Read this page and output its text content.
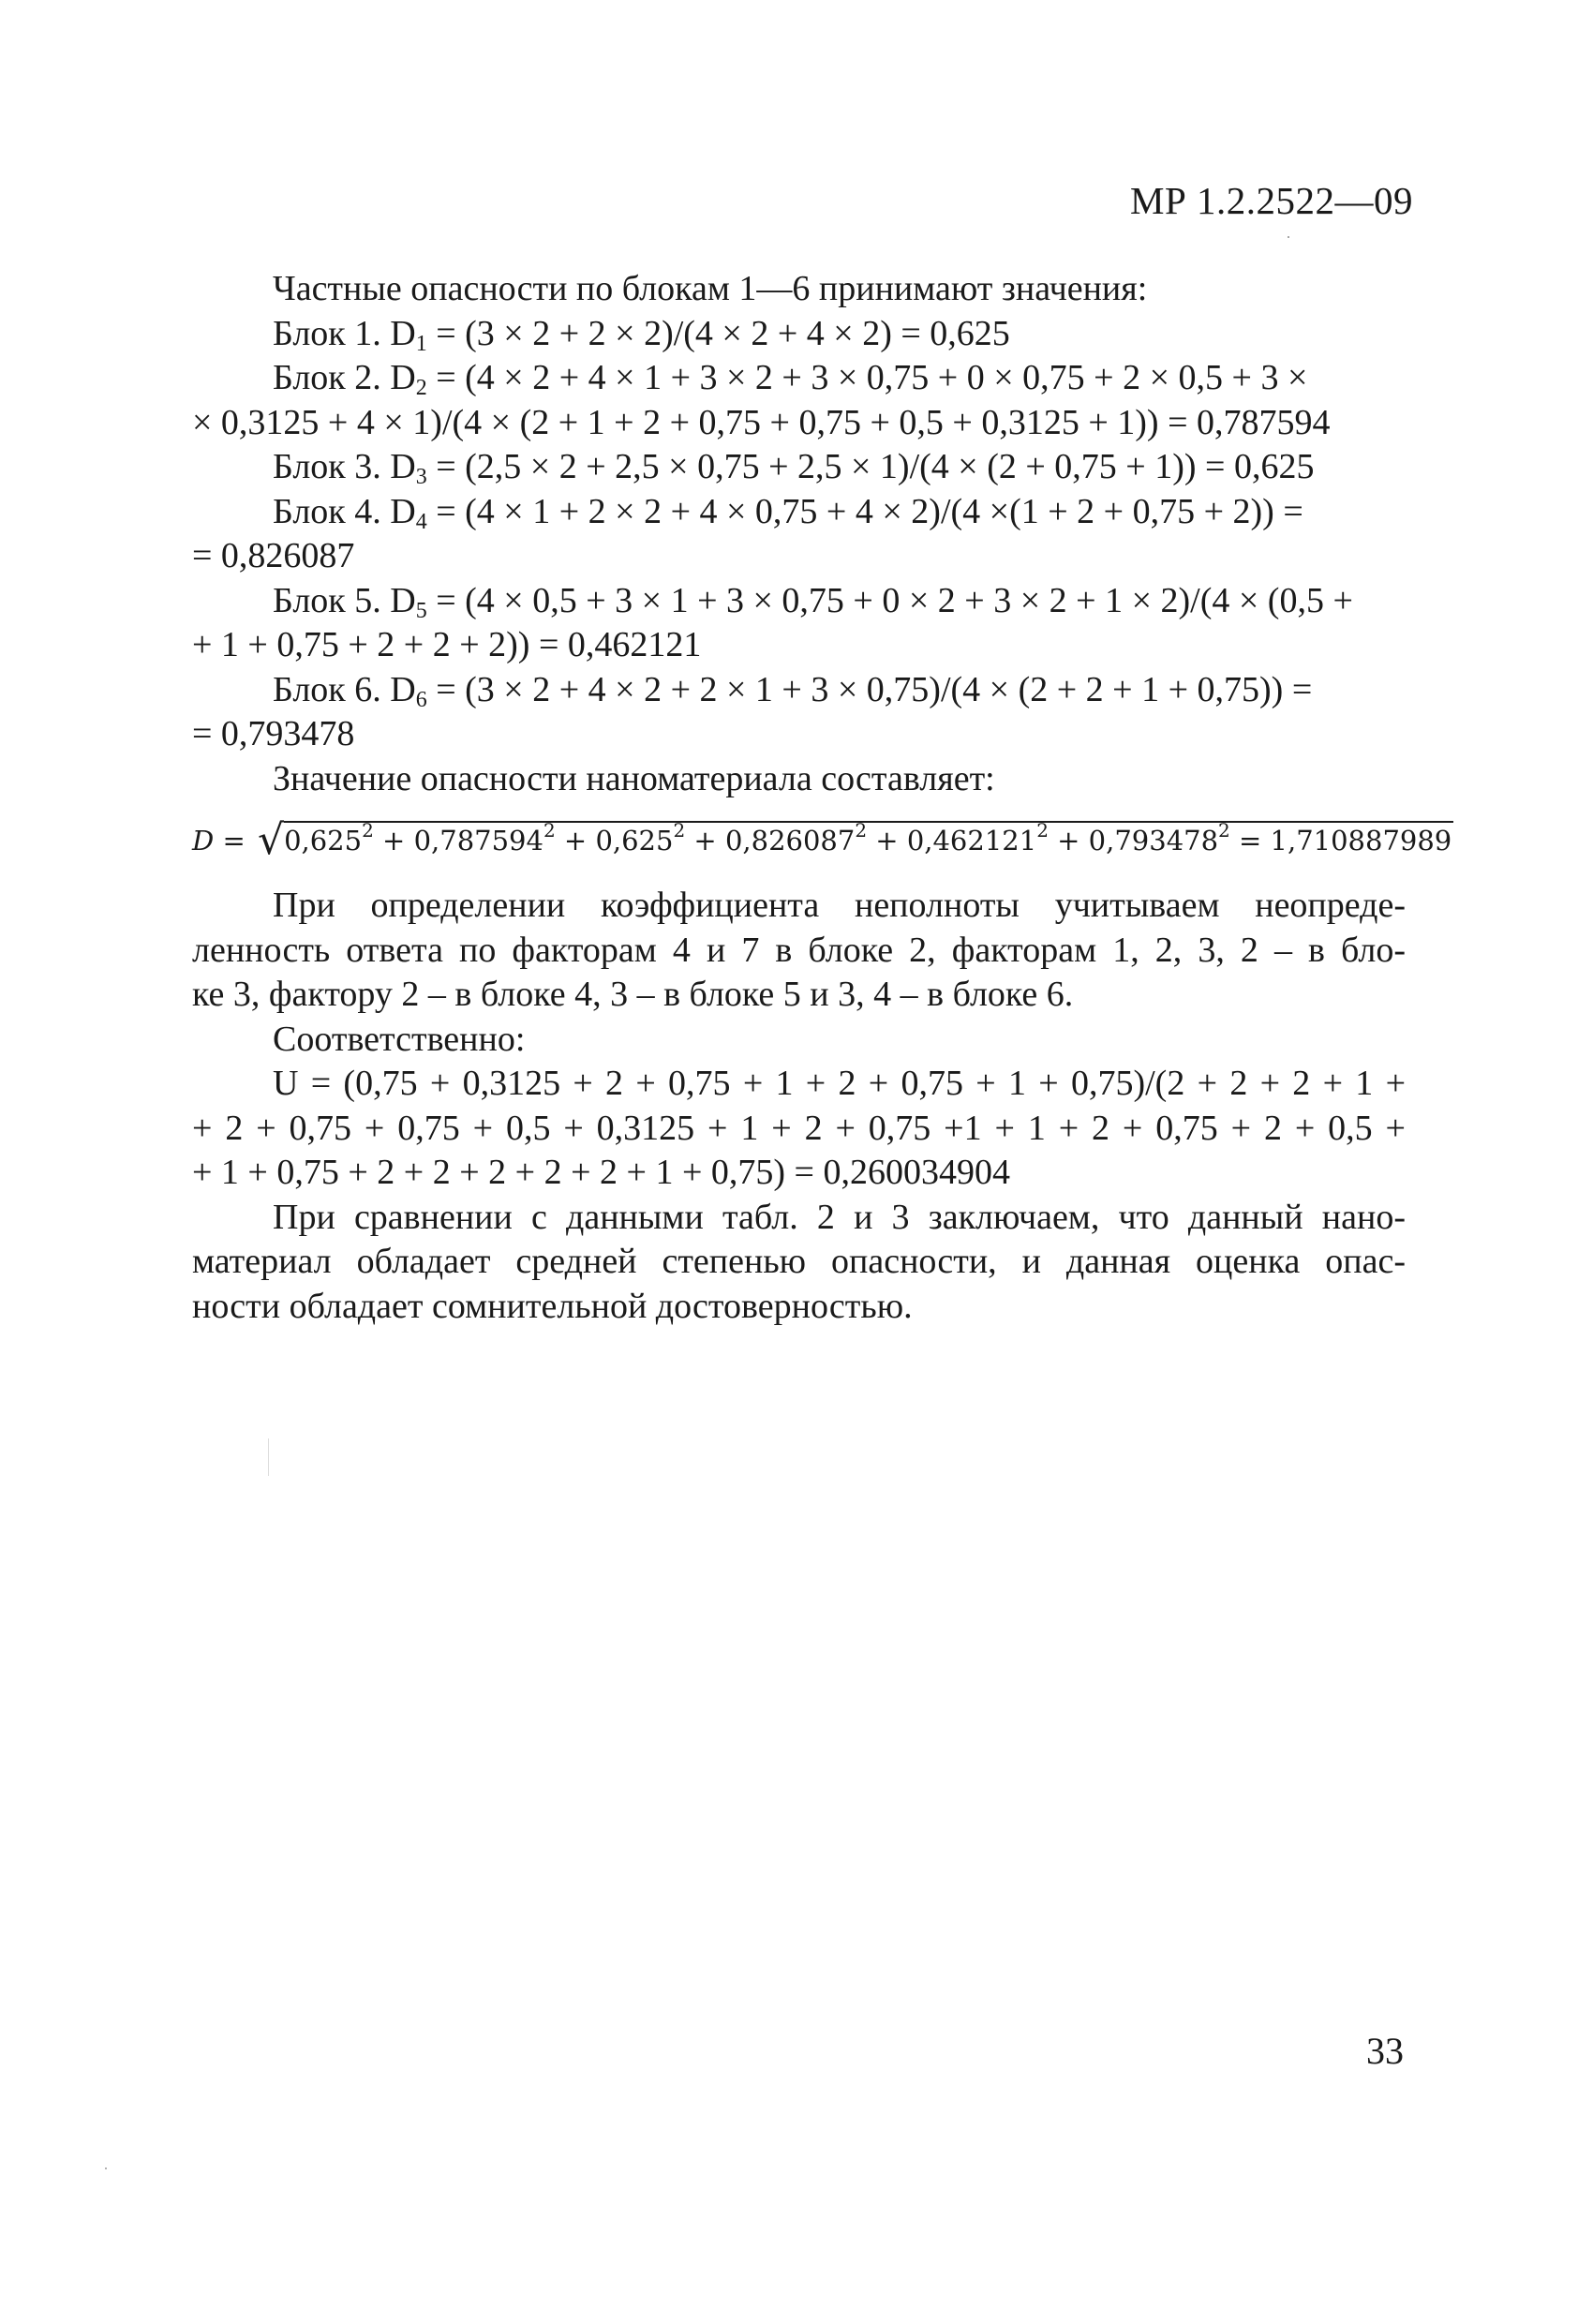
МР 1.2.2522—09
Частные опасности по блокам 1—6 принимают значения:
Блок 1. $D_1 = (3 \times 2 + 2 \times 2)/(4 \times 2 + 4 \times 2) = 0,625$
Блок 2. $D_2 = (4 \times 2 + 4 \times 1 + 3 \times 2 + 3 \times 0,75 + 0 \times 0,75 + 2 \times 0,5 + 3$ ×
× 0,3125 + 4 × 1)/(4 × (2 + 1 + 2 + 0,75 + 0,75 + 0,5 + 0,3125 + 1)) = 0,787594
Блок 3. $D_3 = (2,5 \times 2 + 2,5 \times 0,75 + 2,5 \times 1)/(4 \times (2 + 0,75 + 1)) = 0,625$
Блок 4. $D_4 = (4 \times 1 + 2 \times 2 + 4 \times 0,75 + 4 \times 2)/(4 \times(1 + 2 + 0,75 + 2))$ =
= 0,826087
Блок 5. $D_5 = (4 \times 0,5 + 3 \times 1 + 3 \times 0,75 + 0 \times 2 + 3 \times 2 + 1 \times 2)/(4 \times (0,5$ +
+ 1 + 0,75 + 2 + 2 + 2)) = 0,462121
Блок 6. $D_6 = (3 \times 2 + 4 \times 2 + 2 \times 1 + 3 \times 0,75)/(4 \times (2 + 2 + 1 + 0,75))$ =
= 0,793478
Значение опасности наноматериала составляет:
$D = √0,625^2 + 0,787594^2 + 0,625^2 + 0,826087^2 + 0,462121^2 + 0,793478^2 = 1,710887989$
При определении коэффициента неполноты учитываем неопреде-
ленность ответа по факторам 4 и 7 в блоке 2, факторам 1, 2, 3, 2 – в бло-
ке 3, фактору 2 – в блоке 4, 3 – в блоке 5 и 3, 4 – в блоке 6.
Соответственно:
U = (0,75 + 0,3125 + 2 + 0,75 + 1 + 2 + 0,75 + 1 + 0,75)/(2 + 2 + 2 + 1 +
+ 2 + 0,75 + 0,75 + 0,5 + 0,3125 + 1 + 2 + 0,75 +1 + 1 + 2 + 0,75 + 2 + 0,5 +
+ 1 + 0,75 + 2 + 2 + 2 + 2 + 2 + 1 + 0,75) = 0,260034904
При сравнении с данными табл. 2 и 3 заключаем, что данный нано-
материал обладает средней степенью опасности, и данная оценка опас-
ности обладает сомнительной достоверностью.
33
